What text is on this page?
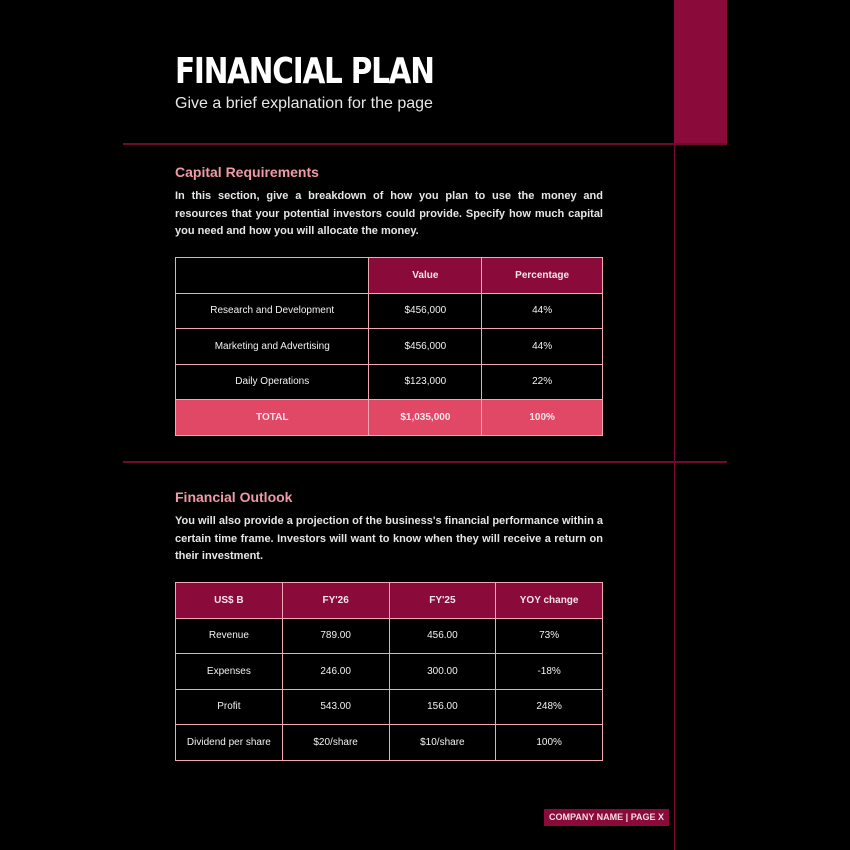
FINANCIAL PLAN
Give a brief explanation for the page
Capital Requirements

In this section, give a breakdown of how you plan to use the money and resources that your potential investors could provide. Specify how much capital you need and how you will allocate the money.

	Value	Percentage
Research and Development	$456,000	44%
Marketing and Advertising	$456,000	44%
Daily Operations	$123,000	22%
TOTAL	$1,035,000	100%
Financial Outlook

You will also provide a projection of the business's financial performance within a certain time frame. Investors will want to know when they will receive a return on their investment.

US$ B	FY'26	FY'25	YOY change
Revenue	789.00	456.00	73%
Expenses	246.00	300.00	-18%
Profit	543.00	156.00	248%
Dividend per share	$20/share	$10/share	100%
COMPANY NAME | PAGE X
